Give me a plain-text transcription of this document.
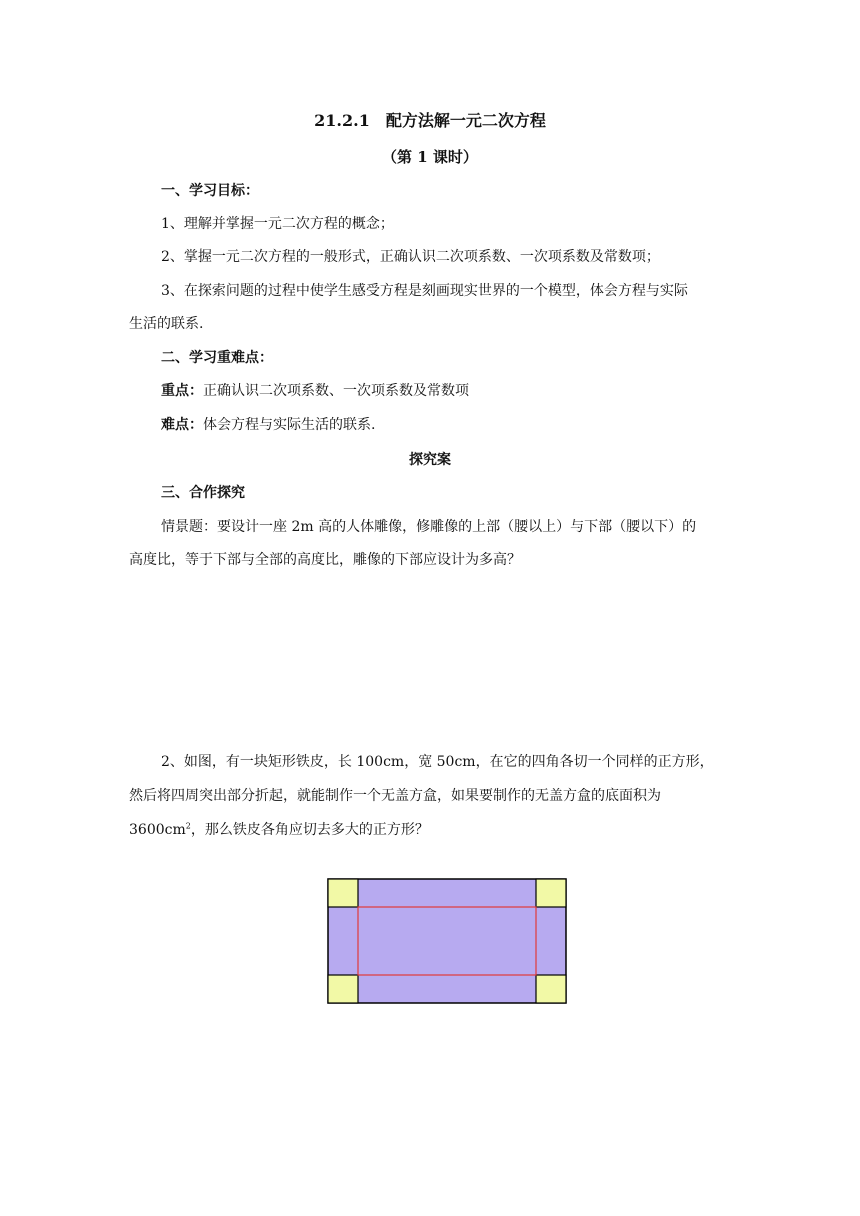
21.2.1　配方法解一元二次方程
（第 1 课时）
一、学习目标：
1、理解并掌握一元二次方程的概念；
2、掌握一元二次方程的一般形式，正确认识二次项系数、一次项系数及常数项；
3、在探索问题的过程中使学生感受方程是刻画现实世界的一个模型，体会方程与实际
生活的联系.
二、学习重难点：
重点：正确认识二次项系数、一次项系数及常数项
难点：体会方程与实际生活的联系.
探究案
三、合作探究
情景题：要设计一座 2m 高的人体雕像，修雕像的上部（腰以上）与下部（腰以下）的
高度比，等于下部与全部的高度比，雕像的下部应设计为多高？
2、如图，有一块矩形铁皮，长 100cm，宽 50cm，在它的四角各切一个同样的正方形，
然后将四周突出部分折起，就能制作一个无盖方盒，如果要制作的无盖方盒的底面积为
$3600cm^2$，那么铁皮各角应切去多大的正方形？
